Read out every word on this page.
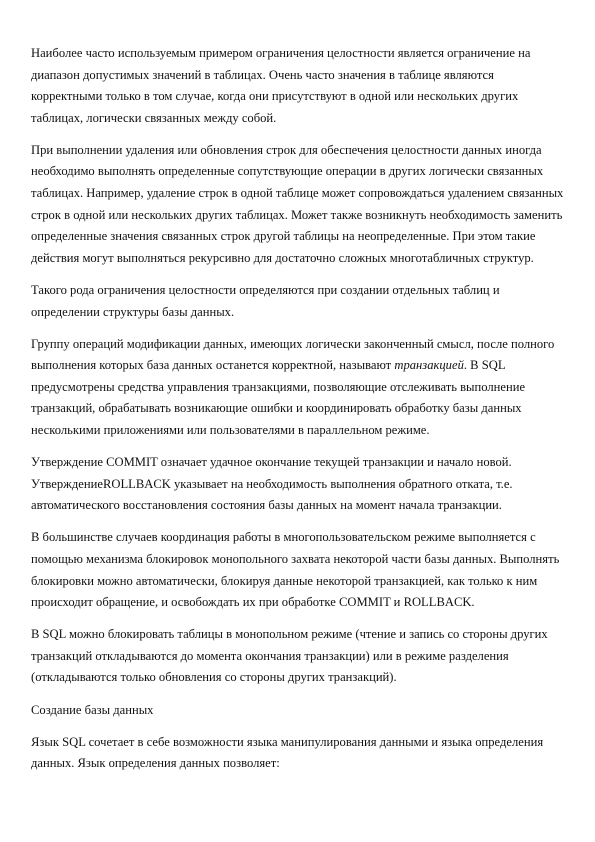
Наиболее часто используемым примером ограничения целостности является ограничение на диапазон допустимых значений в таблицах. Очень часто значения в таблице являются корректными только в том случае, когда они присутствуют в одной или нескольких других таблицах, логически связанных между собой.

При выполнении удаления или обновления строк для обеспечения целостности данных иногда необходимо выполнять определенные сопутствующие операции в других логически связанных таблицах. Например, удаление строк в одной таблице может сопровождаться удалением связанных строк в одной или нескольких других таблицах. Может также возникнуть необходимость заменить определенные значения связанных строк другой таблицы на неопределенные. При этом такие действия могут выполняться рекурсивно для достаточно сложных многотабличных структур.

Такого рода ограничения целостности определяются при создании отдельных таблиц и определении структуры базы данных.

Группу операций модификации данных, имеющих логически законченный смысл, после полного выполнения которых база данных останется корректной, называют транзакцией. В SQL предусмотрены средства управления транзакциями, позволяющие отслеживать выполнение транзакций, обрабатывать возникающие ошибки и координировать обработку базы данных несколькими приложениями или пользователями в параллельном режиме.

Утверждение COMMIT означает удачное окончание текущей транзакции и начало новой. УтверждениеROLLBACK указывает на необходимость выполнения обратного отката, т.е. автоматического восстановления состояния базы данных на момент начала транзакции.

В большинстве случаев координация работы в многопользовательском режиме выполняется с помощью механизма блокировок монопольного захвата некоторой части базы данных. Выполнять блокировки можно автоматически, блокируя данные некоторой транзакцией, как только к ним происходит обращение, и освобождать их при обработке COMMIT и ROLLBACK.

В SQL можно блокировать таблицы в монопольном режиме (чтение и запись со стороны других транзакций откладываются до момента окончания транзакции) или в режиме разделения (откладываются только обновления со стороны других транзакций).

Создание базы данных

Язык SQL сочетает в себе возможности языка манипулирования данными и языка определения данных. Язык определения данных позволяет:
